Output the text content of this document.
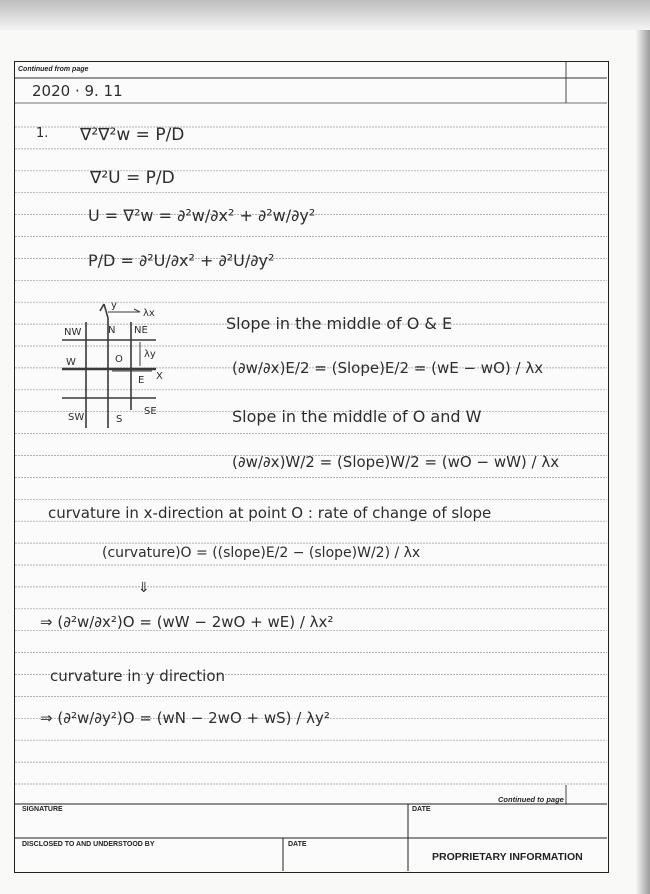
2020 · 9. 11
1. ∇²∇²w = P/D
∇²U = P/D
U = ∇²w = ∂²w/∂x² + ∂²w/∂y²
P/D = ∂²U/∂x² + ∂²U/∂y²
y
λx
NW	N NE
λy
W	O
E X
SW	S
SE
Slope in the middle of O & E
(∂w/∂x)E/2 = (Slope)E/2 = (wE − wO) / λx
Slope in the middle of O and W
(∂w/∂x)W/2 = (Slope)W/2 = (wO − wW) / λx
curvature in x-direction at point O : rate of change of slope
(curvature)O = ((slope)E/2 − (slope)W/2) / λx
⇓
⇒ (∂²w/∂x²)O = (wW − 2wO + wE) / λx²
curvature in y direction
⇒ (∂²w/∂y²)O = (wN − 2wO + wS) / λy²
Continued from page
Continued to page
SIGNATURE	DATE
DISCLOSED TO AND UNDERSTOOD BY	DATE
PROPRIETARY INFORMATION
